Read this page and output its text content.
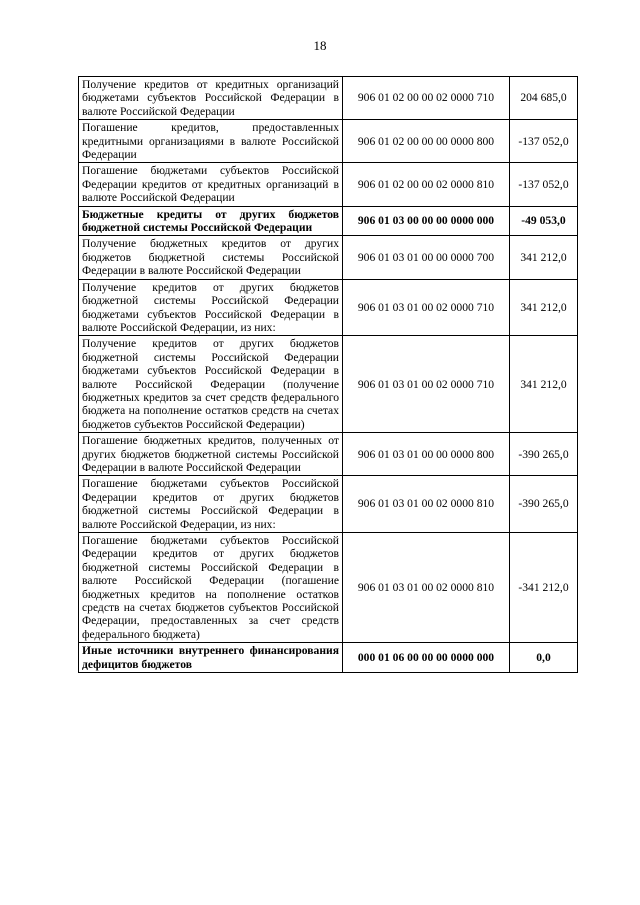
18
Получение кредитов от кредитных организаций бюджетами субъектов Российской Федерации в валюте Российской Федерации	906 01 02 00 00 02 0000 710	204 685,0
Погашение кредитов, предоставленных кредитными организациями в валюте Российской Федерации	906 01 02 00 00 00 0000 800	-137 052,0
Погашение бюджетами субъектов Российской Федерации кредитов от кредитных организаций в валюте Российской Федерации	906 01 02 00 00 02 0000 810	-137 052,0
Бюджетные кредиты от других бюджетов бюджетной системы Российской Федерации	906 01 03 00 00 00 0000 000	-49 053,0
Получение бюджетных кредитов от других бюджетов бюджетной системы Российской Федерации в валюте Российской Федерации	906 01 03 01 00 00 0000 700	341 212,0
Получение кредитов от других бюджетов бюджетной системы Российской Федерации бюджетами субъектов Российской Федерации в валюте Российской Федерации, из них:	906 01 03 01 00 02 0000 710	341 212,0
Получение кредитов от других бюджетов бюджетной системы Российской Федерации бюджетами субъектов Российской Федерации в валюте Российской Федерации (получение бюджетных кредитов за счет средств федерального бюджета на пополнение остатков средств на счетах бюджетов субъектов Российской Федерации)	906 01 03 01 00 02 0000 710	341 212,0
Погашение бюджетных кредитов, полученных от других бюджетов бюджетной системы Российской Федерации в валюте Российской Федерации	906 01 03 01 00 00 0000 800	-390 265,0
Погашение бюджетами субъектов Российской Федерации кредитов от других бюджетов бюджетной системы Российской Федерации в валюте Российской Федерации, из них:	906 01 03 01 00 02 0000 810	-390 265,0
Погашение бюджетами субъектов Российской Федерации кредитов от других бюджетов бюджетной системы Российской Федерации в валюте Российской Федерации (погашение бюджетных кредитов на пополнение остатков средств на счетах бюджетов субъектов Российской Федерации, предоставленных за счет средств федерального бюджета)	906 01 03 01 00 02 0000 810	-341 212,0
Иные источники внутреннего финансирования дефицитов бюджетов	000 01 06 00 00 00 0000 000	0,0
